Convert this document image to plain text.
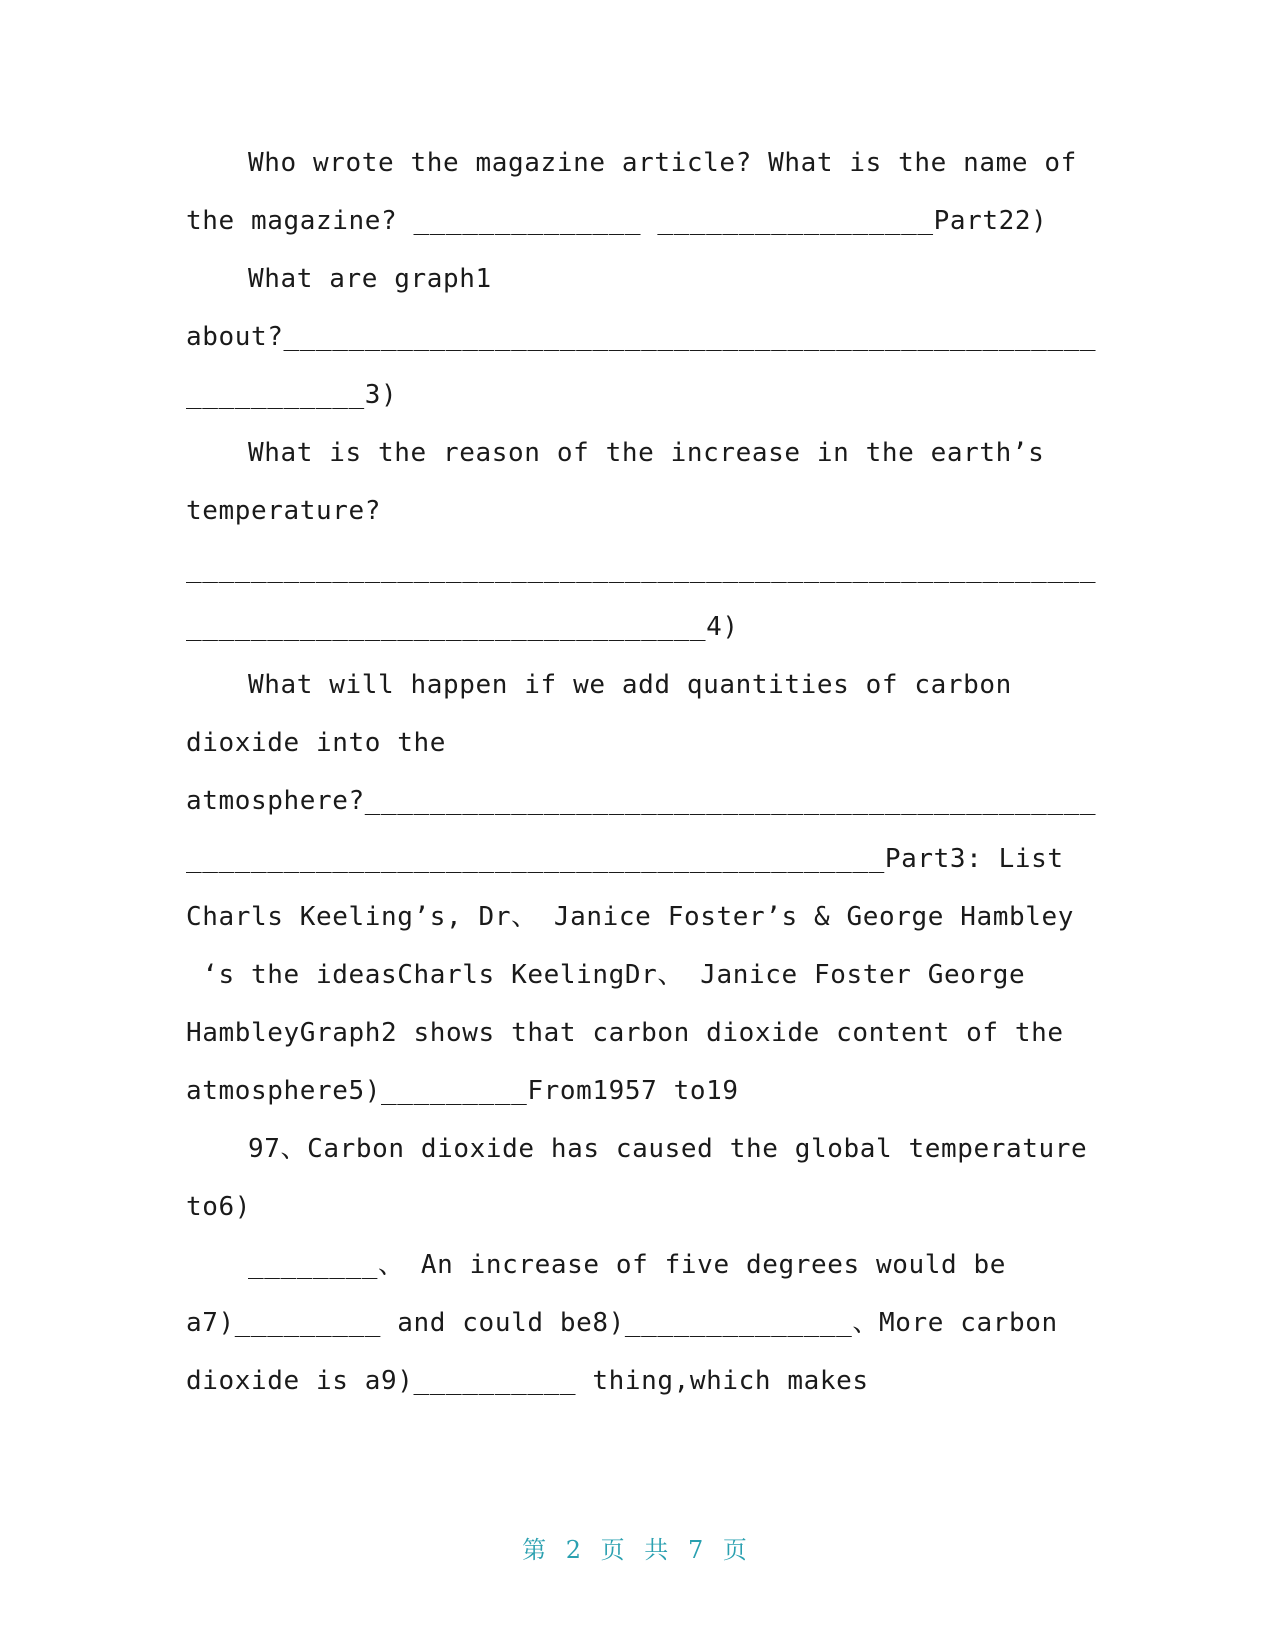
Who wrote the magazine article? What is the name of
the magazine? ______________ _________________Part22)
What are graph1
about?__________________________________________________
___________3)
What is the reason of the increase in the earth’s
temperature?
________________________________________________________
________________________________4)
What will happen if we add quantities of carbon
dioxide into the
atmosphere?_____________________________________________
___________________________________________Part3: List
Charls Keeling’s, Dr、 Janice Foster’s & George Hambley
‘s the ideasCharls KeelingDr、 Janice Foster George
HambleyGraph2 shows that carbon dioxide content of the
atmosphere5)_________From1957 to19
97、Carbon dioxide has caused the global temperature
to6)
________、 An increase of five degrees would be
a7)_________ and could be8)______________、More carbon
dioxide is a9)__________ thing,which makes
第 2 页 共 7 页
